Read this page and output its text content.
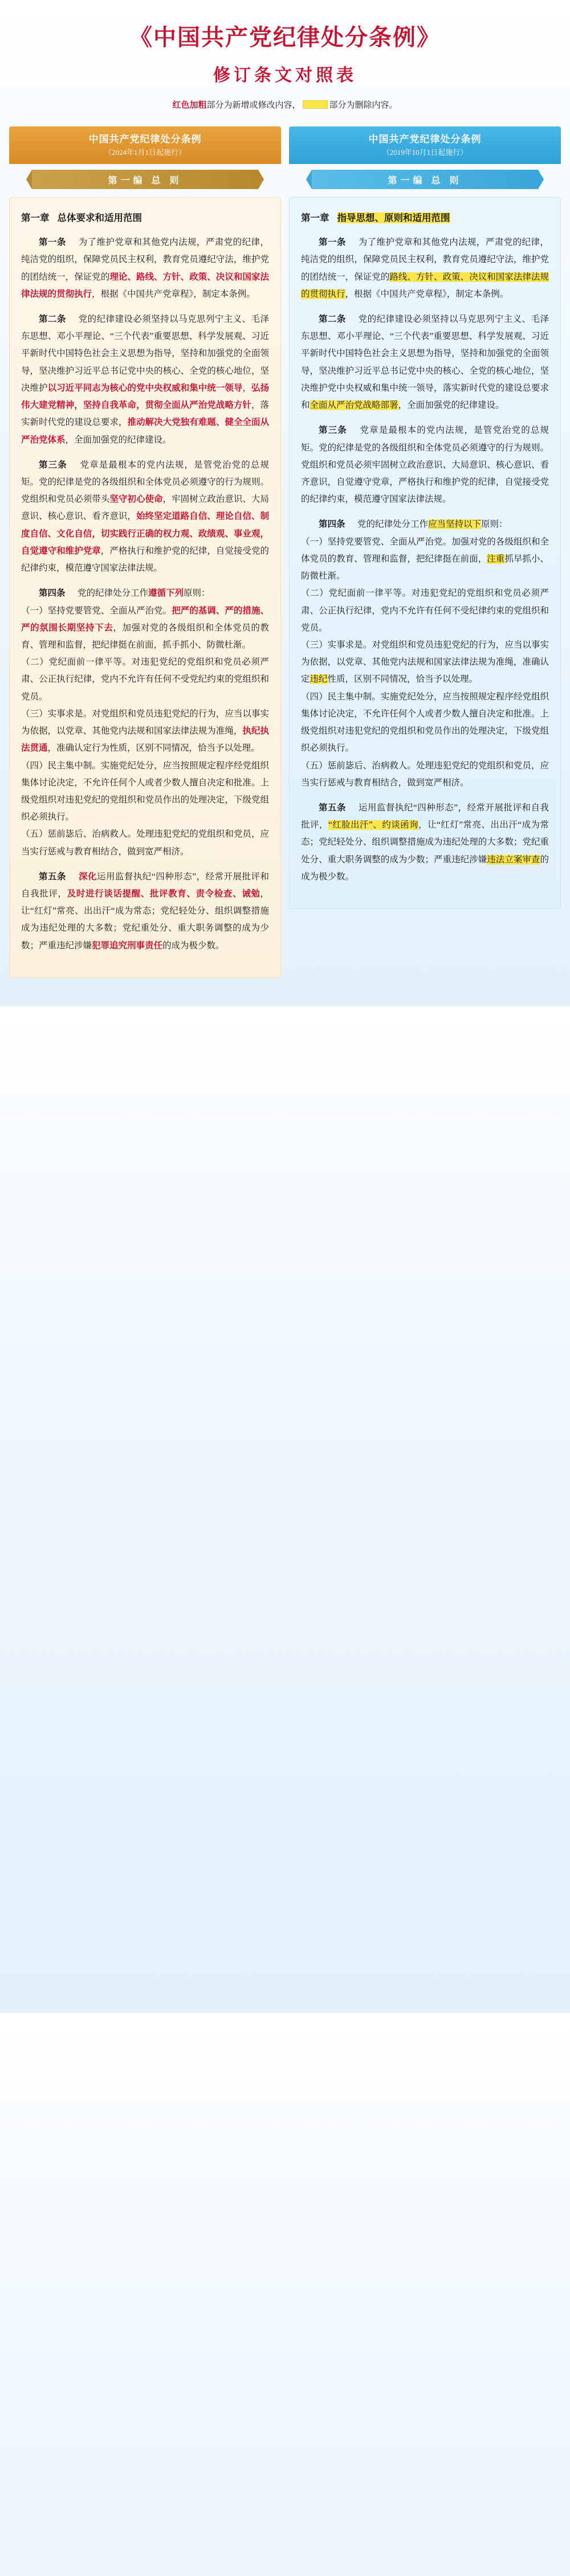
《中国共产党纪律处分条例》
修订条文对照表
红色加粗部分为新增或修改内容，	部分为删除内容。
中国共产党纪律处分条例
（2024年1月1日起施行）
第一编 总 则
中国共产党纪律处分条例
（2019年10月1日起施行）
第一编 总 则
第一章 总体要求和适用范围

第一条　为了维护党章和其他党内法规，严肃党的纪律，纯洁党的组织，保障党员民主权利，教育党员遵纪守法，维护党的团结统一，保证党的理论、路线、方针、政策、决议和国家法律法规的贯彻执行，根据《中国共产党章程》，制定本条例。

第二条　党的纪律建设必须坚持以马克思列宁主义、毛泽东思想、邓小平理论、“三个代表”重要思想、科学发展观、习近平新时代中国特色社会主义思想为指导，坚持和加强党的全面领导，坚决维护习近平总书记党中央的核心、全党的核心地位，坚决维护以习近平同志为核心的党中央权威和集中统一领导，弘扬伟大建党精神，坚持自我革命，贯彻全面从严治党战略方针，落实新时代党的建设总要求，推动解决大党独有难题、健全全面从严治党体系，全面加强党的纪律建设。

第三条　党章是最根本的党内法规，是管党治党的总规矩。党的纪律是党的各级组织和全体党员必须遵守的行为规则。党组织和党员必须带头坚守初心使命，牢固树立政治意识、大局意识、核心意识、看齐意识，始终坚定道路自信、理论自信、制度自信、文化自信，切实践行正确的权力观、政绩观、事业观，自觉遵守和维护党章，严格执行和维护党的纪律，自觉接受党的纪律约束，模范遵守国家法律法规。

第四条　党的纪律处分工作遵循下列原则：
（一）坚持党要管党、全面从严治党。把严的基调、严的措施、严的氛围长期坚持下去，加强对党的各级组织和全体党员的教育、管理和监督，把纪律挺在前面，抓手抓小、防微杜渐。
（二）党纪面前一律平等。对违犯党纪的党组织和党员必须严肃、公正执行纪律，党内不允许有任何不受党纪约束的党组织和党员。
（三）实事求是。对党组织和党员违犯党纪的行为，应当以事实为依据，以党章、其他党内法规和国家法律法规为准绳，执纪执法贯通，准确认定行为性质，区别不同情况，恰当予以处理。
（四）民主集中制。实施党纪处分，应当按照规定程序经党组织集体讨论决定，不允许任何个人或者少数人擅自决定和批准。上级党组织对违犯党纪的党组织和党员作出的处理决定，下级党组织必须执行。
（五）惩前毖后、治病救人。处理违犯党纪的党组织和党员，应当实行惩戒与教育相结合，做到宽严相济。

第五条　 深化运用监督执纪“四种形态”，经常开展批评和自我批评，及时进行谈话提醒、批评教育、责令检查、诫勉，让“红灯”常亮、出出汗“成为常态；党纪轻处分、组织调整措施成为违纪处理的大多数；党纪重处分、重大职务调整的成为少数；严重违纪涉嫌犯罪追究刑事责任的成为极少数。

第一章 指导思想、原则和适用范围

第一条　为了维护党章和其他党内法规，严肃党的纪律，纯洁党的组织，保障党员民主权利，教育党员遵纪守法，维护党的团结统一，保证党的路线、方针、政策、决议和国家法律法规的贯彻执行，根据《中国共产党章程》，制定本条例。

第二条　党的纪律建设必须坚持以马克思列宁主义、毛泽东思想、邓小平理论、“三个代表”重要思想、科学发展观、习近平新时代中国特色社会主义思想为指导，坚持和加强党的全面领导，坚决维护习近平总书记党中央的核心、全党的核心地位，坚决维护党中央权威和集中统一领导，落实新时代党的建设总要求和全面从严治党战略部署，全面加强党的纪律建设。

第三条　党章是最根本的党内法规，是管党治党的总规矩。党的纪律是党的各级组织和全体党员必须遵守的行为规则。党组织和党员必须牢固树立政治意识、大局意识、核心意识、看齐意识，自觉遵守党章，严格执行和维护党的纪律，自觉接受党的纪律约束，模范遵守国家法律法规。

第四条　党的纪律处分工作应当坚持以下原则：
（一）坚持党要管党、全面从严治党。加强对党的各级组织和全体党员的教育、管理和监督，把纪律挺在前面，注重抓早抓小、防微杜渐。
（二）党纪面前一律平等。对违犯党纪的党组织和党员必须严肃、公正执行纪律，党内不允许有任何不受纪律约束的党组织和党员。
（三）实事求是。对党组织和党员违犯党纪的行为，应当以事实为依据，以党章、其他党内法规和国家法律法规为准绳，准确认定违纪性质，区别不同情况，恰当予以处理。
（四）民主集中制。实施党纪处分，应当按照规定程序经党组织集体讨论决定，不允许任何个人或者少数人擅自决定和批准。上级党组织对违犯党纪的党组织和党员作出的处理决定，下级党组织必须执行。
（五）惩前毖后、治病救人。处理违犯党纪的党组织和党员，应当实行惩戒与教育相结合，做到宽严相济。

第五条　运用监督执纪“四种形态”，经常开展批评和自我批评，“红脸出汗”、约谈函询，让“红灯”常亮、出出汗“成为常态；党纪轻处分、组织调整措施成为违纪处理的大多数；党纪重处分、重大职务调整的成为少数；严重违纪涉嫌违法立案审查的成为极少数。
